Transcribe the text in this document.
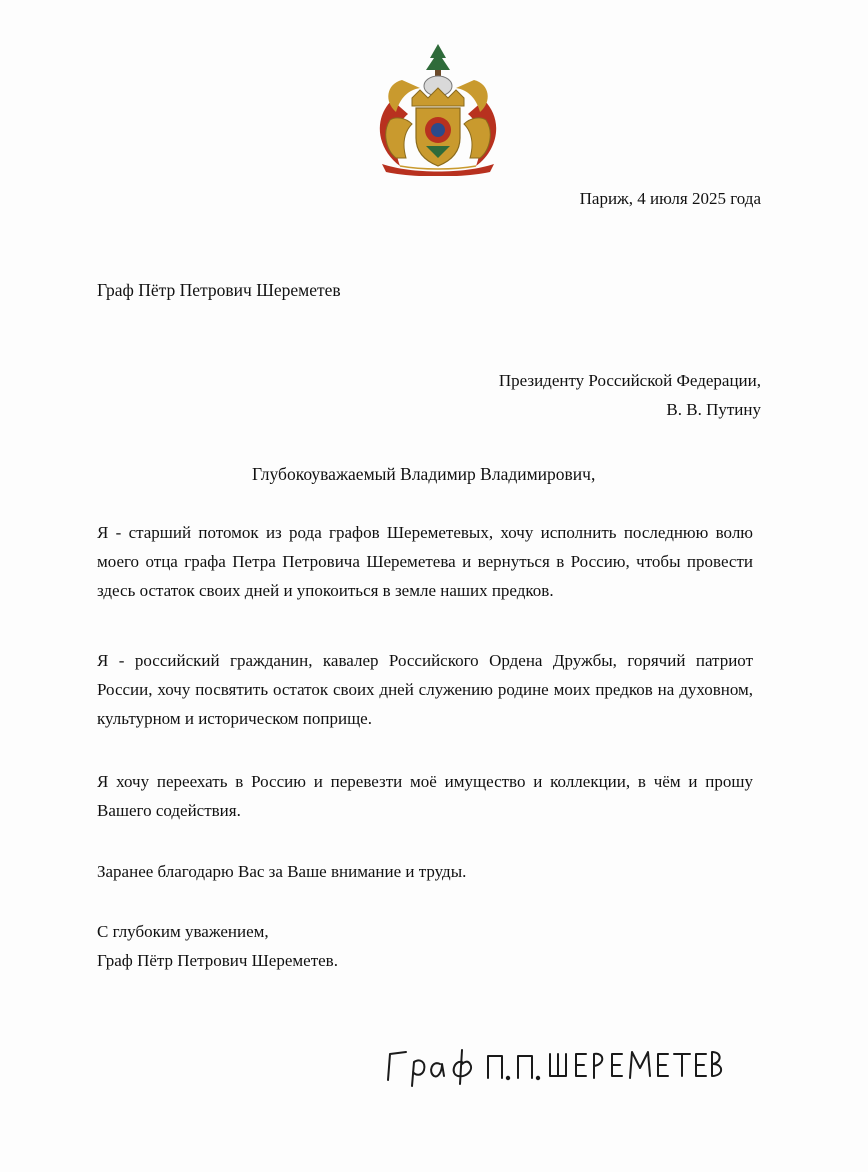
Париж, 4 июля 2025 года
Граф Пётр Петрович Шереметев
Президенту Российской Федерации,
В. В. Путину
Глубокоуважаемый Владимир Владимирович,
Я - старший потомок из рода графов Шереметевых, хочу исполнить последнюю волю моего отца графа Петра Петровича Шереметева и вернуться в Россию, чтобы провести здесь остаток своих дней и упокоиться в земле наших предков.
Я - российский гражданин, кавалер Российского Ордена Дружбы, горячий патриот России, хочу посвятить остаток своих дней служению родине моих предков на духовном, культурном и историческом поприще.
Я хочу переехать в Россию и перевезти моё имущество и коллекции, в чём и прошу Вашего содействия.
Заранее благодарю Вас за Ваше внимание и труды.
С глубоким уважением,
Граф Пётр Петрович Шереметев.
